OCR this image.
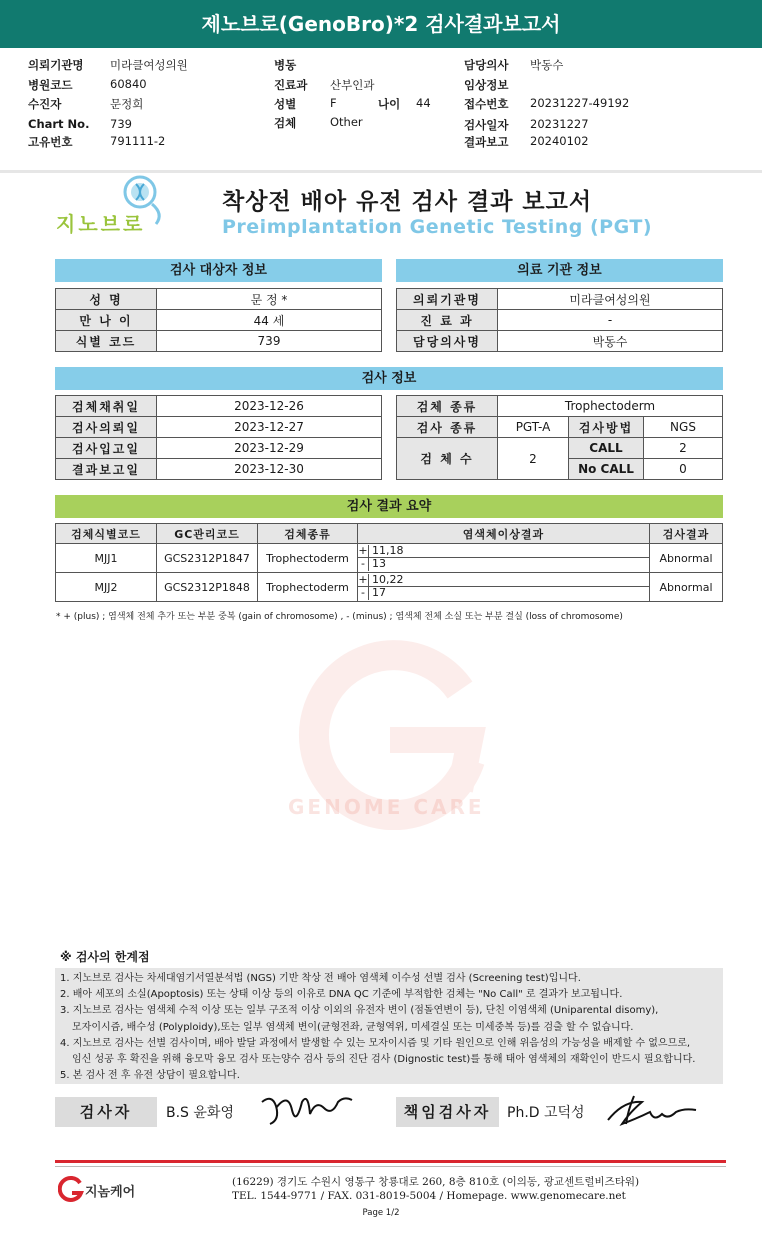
제노브로(GenoBro)*2 검사결과보고서
의뢰기관명 미라클여성의원
병원코드	60840
수진자	문정희
Chart No. 739
고유번호	791111-2
병동
진료과 산부인과
성별	F	나이 44
검체	Other
담당의사 박동수
임상정보
접수번호 20231227-49192
검사일자 20231227
결과보고 20240102
지노브로
착상전 배아 유전 검사 결과 보고서
Preimplantation Genetic Testing (PGT)
검사 대상자 정보
성 명	문 정 *
만 나 이	44 세
식별 코드	739
의료 기관 정보
의뢰기관명	미라클여성의원
진 료 과	-
담당의사명	박동수
검사 정보
검체채취일	2023-12-26
검사의뢰일	2023-12-27
검사입고일	2023-12-29
결과보고일	2023-12-30
검체 종류	Trophectoderm		
검사 종류	PGT-A	검사방법	NGS
검 체 수	2	CALL	2
		No CALL	0
검사 결과 요약
검체식별코드	GC관리코드	검체종류	염색체이상결과	검사결과
MJJ1	GCS2312P1847	Trophectoderm	+ 11,18
- 13	Abnormal
MJJ2	GCS2312P1848	Trophectoderm	+ 10,22
- 17	Abnormal
* + (plus) ; 염색체 전체 추가 또는 부분 중복 (gain of chromosome) , - (minus) ; 염색체 전체 소실 또는 부분 결실 (loss of chromosome)
GENOME CARE
※ 검사의 한계점
1. 지노브로 검사는 차세대염기서열분석법 (NGS) 기반 착상 전 배아 염색체 이수성 선별 검사 (Screening test)입니다.
2. 배아 세포의 소실(Apoptosis) 또는 상태 이상 등의 이유로 DNA QC 기준에 부적합한 검체는 "No Call" 로 결과가 보고됩니다.
3. 지노브로 검사는 염색체 수적 이상 또는 일부 구조적 이상 이외의 유전자 변이 (점돌연변이 등), 단친 이염색체 (Uniparental disomy),
모자이시즘, 배수성 (Polyploidy),또는 일부 염색체 변이(균형전좌, 균형역위, 미세결실 또는 미세중복 등)를 검출 할 수 없습니다.
4. 지노브로 검사는 선별 검사이며, 배아 발달 과정에서 발생할 수 있는 모자이시즘 및 기타 원인으로 인해 위음성의 가능성을 배제할 수 없으므로,
임신 성공 후 확진을 위해 융모막 융모 검사 또는양수 검사 등의 진단 검사 (Dignostic test)를 통해 태아 염색체의 재확인이 반드시 필요합니다.
5. 본 검사 전 후 유전 상담이 필요합니다.
검사자	B.S 윤화영	책임검사자	Ph.D 고덕성
지놈케어
(16229) 경기도 수원시 영통구 창룡대로 260, 8층 810호 (이의동, 광교센트럴비즈타워)
TEL. 1544-9771 / FAX. 031-8019-5004 / Homepage. www.genomecare.net
Page 1/2
